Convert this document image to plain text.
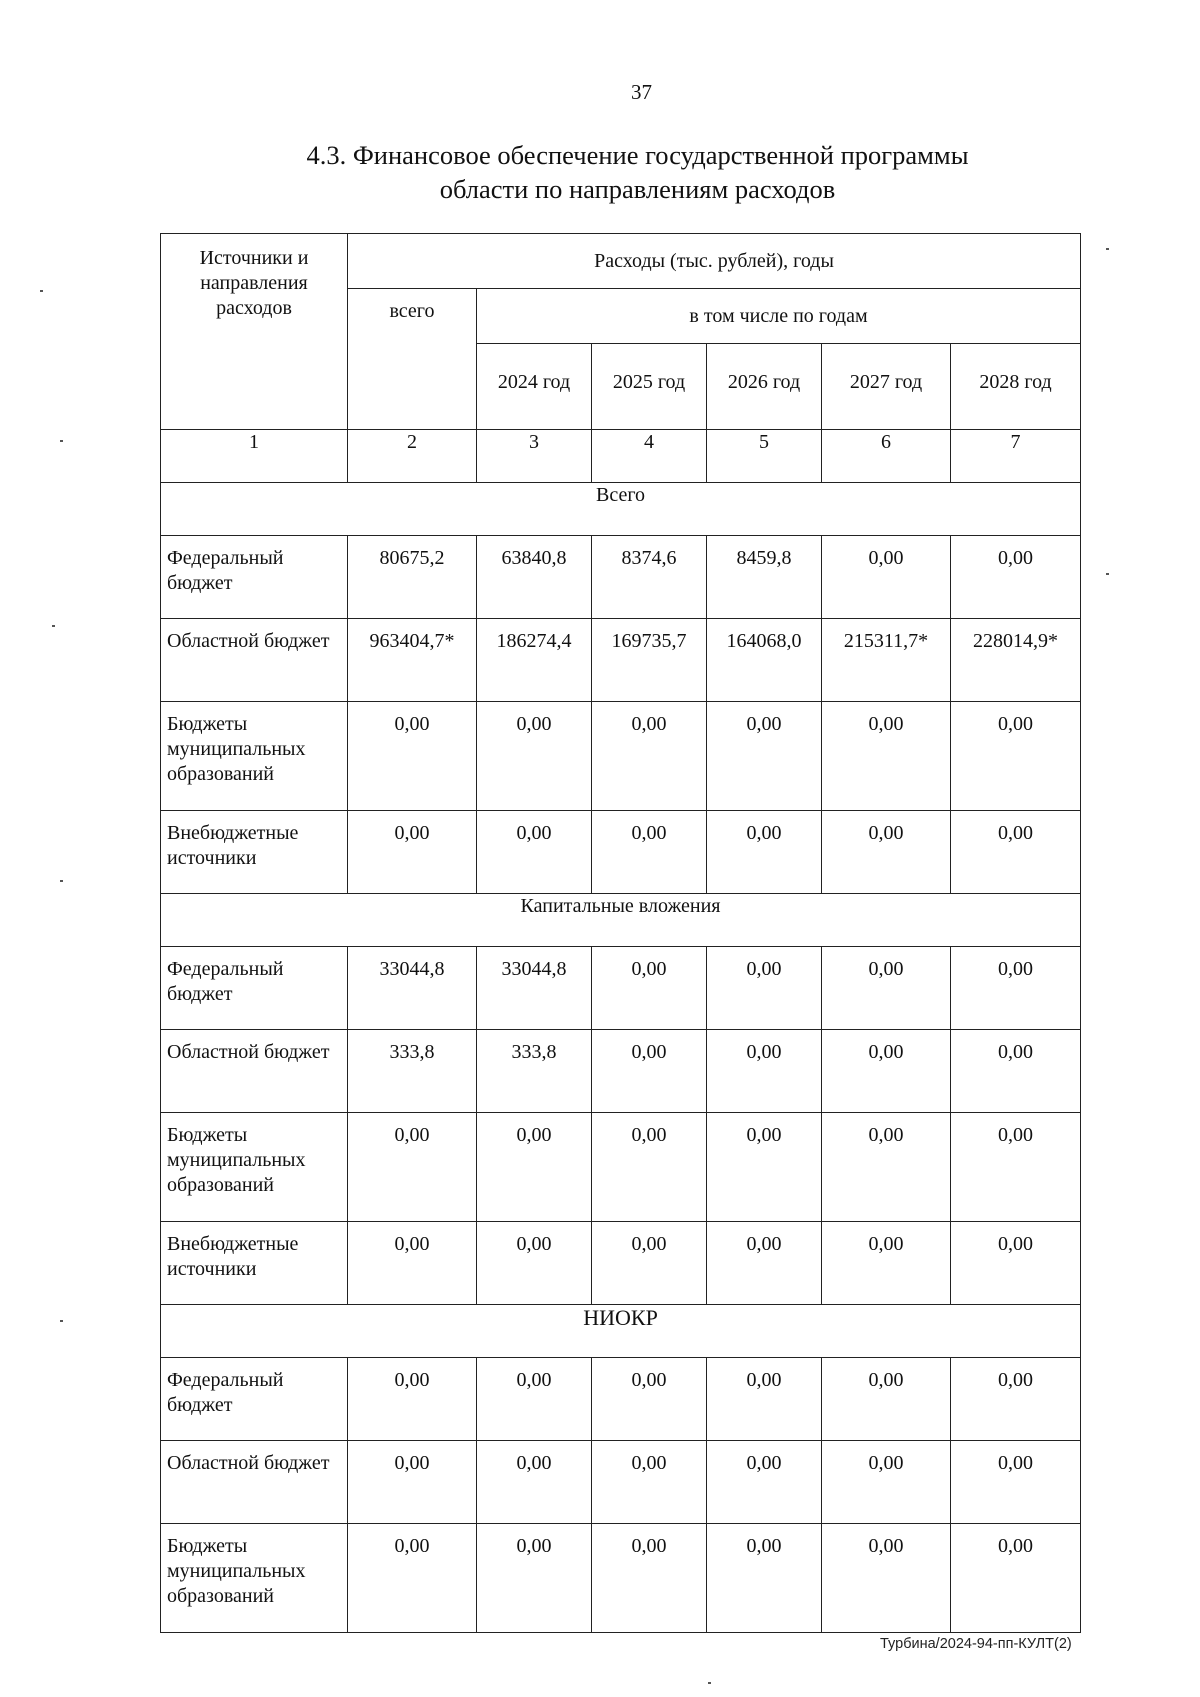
37
4.3. Финансовое обеспечение государственной программы
области по направлениям расходов
Источники и направления расходов	Расходы (тыс. рублей), годы					
	всего	в том числе по годам				
		2024 год	2025 год	2026 год	2027 год	2028 год
1	2	3	4	5	6	7
Всего						
Федеральный бюджет	80675,2	63840,8	8374,6	8459,8	0,00	0,00
Областной бюджет	963404,7*	186274,4	169735,7	164068,0	215311,7*	228014,9*
Бюджеты муниципальных образований	0,00	0,00	0,00	0,00	0,00	0,00
Внебюджетные источники	0,00	0,00	0,00	0,00	0,00	0,00
Капитальные вложения						
Федеральный бюджет	33044,8	33044,8	0,00	0,00	0,00	0,00
Областной бюджет	333,8	333,8	0,00	0,00	0,00	0,00
Бюджеты муниципальных образований	0,00	0,00	0,00	0,00	0,00	0,00
Внебюджетные источники	0,00	0,00	0,00	0,00	0,00	0,00
НИОКР						
Федеральный бюджет	0,00	0,00	0,00	0,00	0,00	0,00
Областной бюджет	0,00	0,00	0,00	0,00	0,00	0,00
Бюджеты муниципальных образований	0,00	0,00	0,00	0,00	0,00	0,00
Турбина/2024-94-пп-КУЛТ(2)
